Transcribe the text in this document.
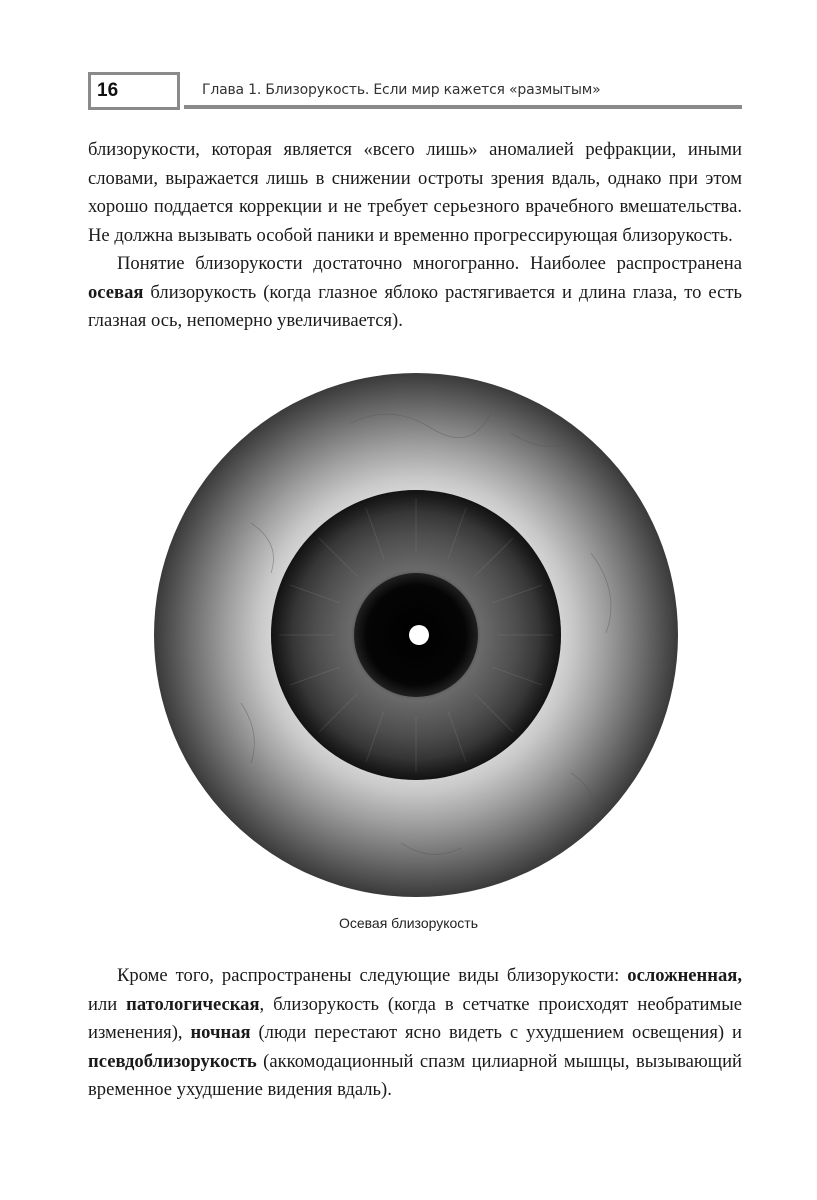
16	Глава 1. Близорукость. Если мир кажется «размытым»

близорукости, которая является «всего лишь» аномалией рефракции, иными словами, выражается лишь в снижении остроты зрения вдаль, однако при этом хорошо поддается коррекции и не требует серьезного врачебного вмешательства. Не должна вызывать особой паники и временно прогрессирующая близорукость.

Понятие близорукости достаточно многогранно. Наиболее распространена осевая близорукость (когда глазное яблоко растягивается и длина глаза, то есть глазная ось, непомерно увеличивается).

Осевая близорукость

Кроме того, распространены следующие виды близорукости: осложненная, или патологическая, близорукость (когда в сетчатке происходят необратимые изменения), ночная (люди перестают ясно видеть с ухудшением освещения) и псевдоблизорукость (аккомодационный спазм цилиарной мышцы, вызывающий временное ухудшение видения вдаль).
